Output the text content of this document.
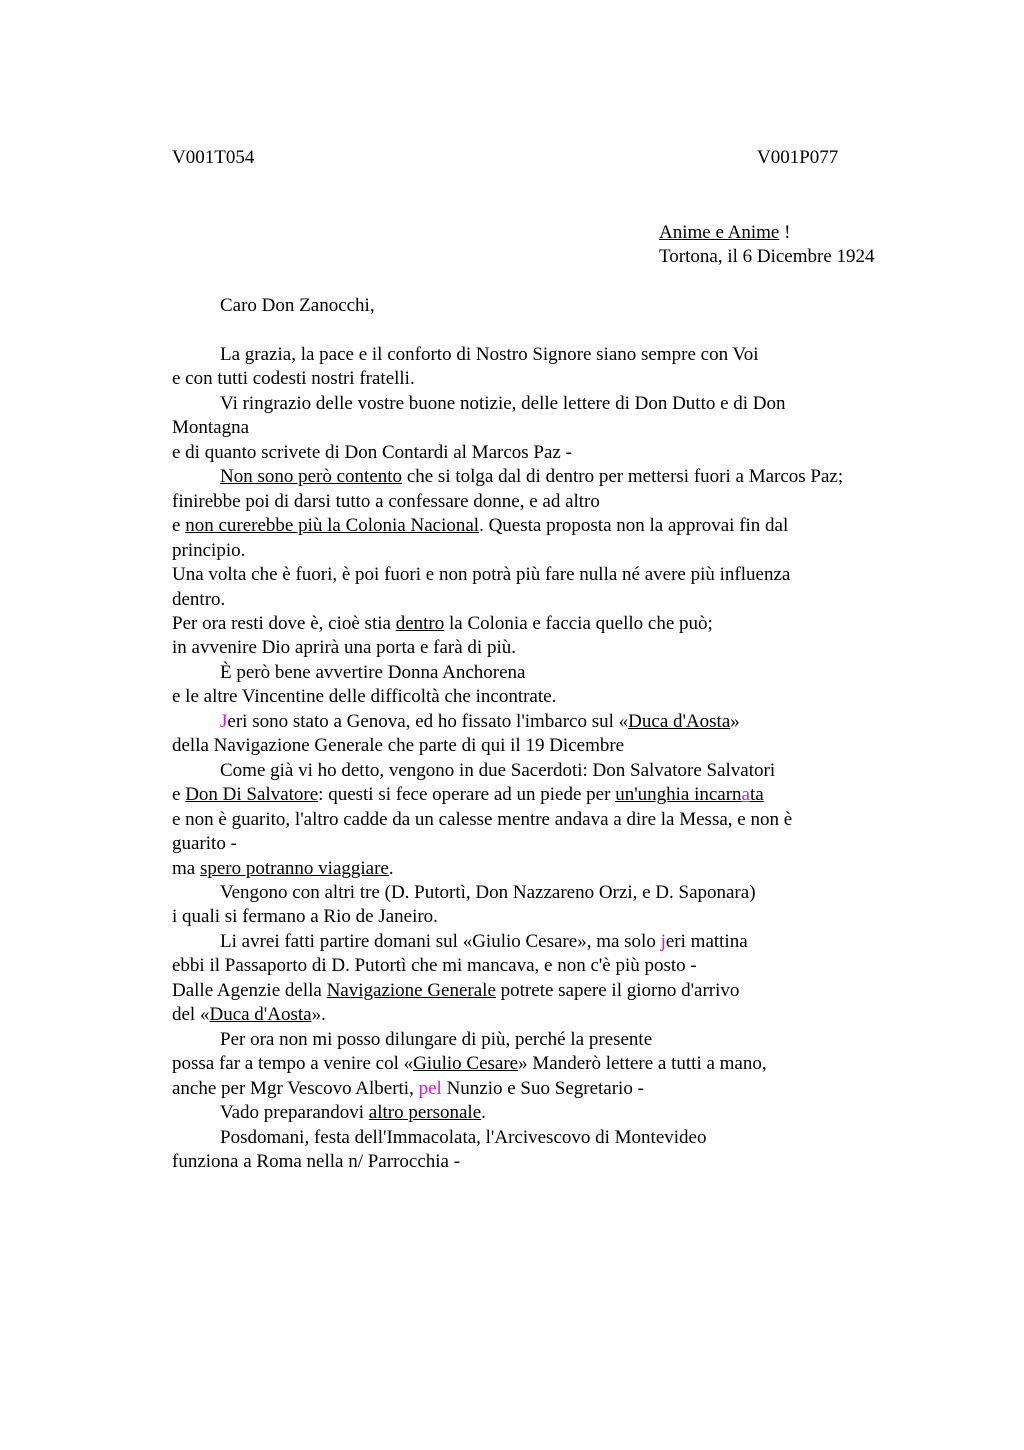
V001T054	V001P077
Anime e Anime !
Tortona, il 6 Dicembre 1924
Caro Don Zanocchi,
La grazia, la pace e il conforto di Nostro Signore siano sempre con Voi
e con tutti codesti nostri fratelli.
Vi ringrazio delle vostre buone notizie, delle lettere di Don Dutto e di Don
Montagna
e di quanto scrivete di Don Contardi al Marcos Paz -
Non sono però contento che si tolga dal di dentro per mettersi fuori a Marcos Paz;
finirebbe poi di darsi tutto a confessare donne, e ad altro
e non curerebbe più la Colonia Nacional. Questa proposta non la approvai fin dal
principio.
Una volta che è fuori, è poi fuori e non potrà più fare nulla né avere più influenza
dentro.
Per ora resti dove è, cioè stia dentro la Colonia e faccia quello che può;
in avvenire Dio aprirà una porta e farà di più.
È però bene avvertire Donna Anchorena
e le altre Vincentine delle difficoltà che incontrate.
Jeri sono stato a Genova, ed ho fissato l'imbarco sul «Duca d'Aosta»
della Navigazione Generale che parte di qui il 19 Dicembre
Come già vi ho detto, vengono in due Sacerdoti: Don Salvatore Salvatori
e Don Di Salvatore: questi si fece operare ad un piede per un'unghia incarnata
e non è guarito, l'altro cadde da un calesse mentre andava a dire la Messa, e non è
guarito -
ma spero potranno viaggiare.
Vengono con altri tre (D. Putortì, Don Nazzareno Orzi, e D. Saponara)
i quali si fermano a Rio de Janeiro.
Li avrei fatti partire domani sul «Giulio Cesare», ma solo jeri mattina
ebbi il Passaporto di D. Putortì che mi mancava, e non c'è più posto -
Dalle Agenzie della Navigazione Generale potrete sapere il giorno d'arrivo
del «Duca d'Aosta».
Per ora non mi posso dilungare di più, perché la presente
possa far a tempo a venire col «Giulio Cesare» Manderò lettere a tutti a mano,
anche per Mgr Vescovo Alberti, pel Nunzio e Suo Segretario -
Vado preparandovi altro personale.
Posdomani, festa dell'Immacolata, l'Arcivescovo di Montevideo
funziona a Roma nella n/ Parrocchia -
